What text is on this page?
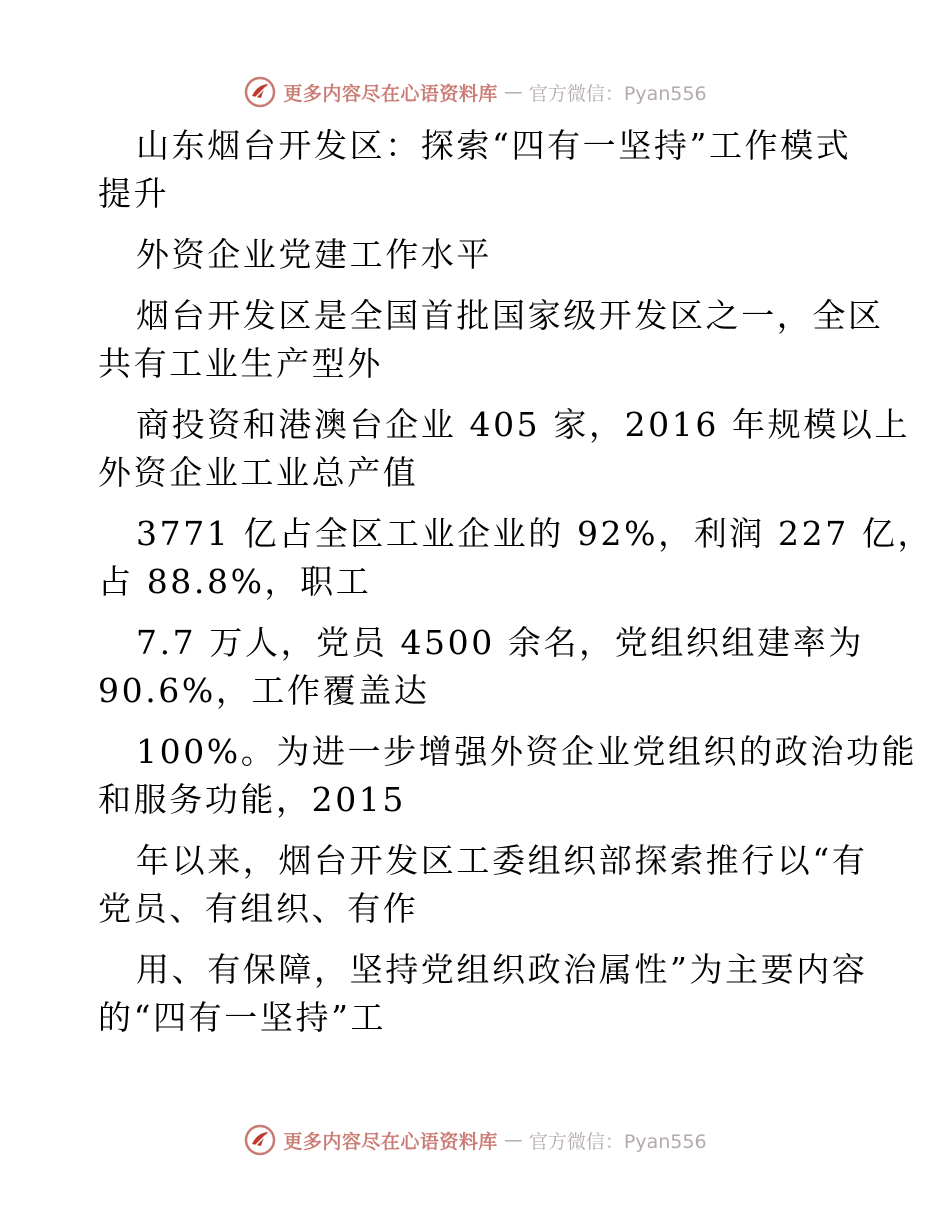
更多内容尽在心语资料库 — 官方微信：Pyan556
山东烟台开发区：探索“四有一坚持”工作模式
提升
外资企业党建工作水平
烟台开发区是全国首批国家级开发区之一，全区
共有工业生产型外
商投资和港澳台企业 405 家，2016 年规模以上
外资企业工业总产值
3771 亿占全区工业企业的 92%，利润 227 亿，
占 88.8%，职工
7.7 万人，党员 4500 余名，党组织组建率为
90.6%，工作覆盖达
100%。为进一步增强外资企业党组织的政治功能
和服务功能，2015
年以来，烟台开发区工委组织部探索推行以“有
党员、有组织、有作
用、有保障，坚持党组织政治属性”为主要内容
的“四有一坚持”工
更多内容尽在心语资料库 — 官方微信：Pyan556
